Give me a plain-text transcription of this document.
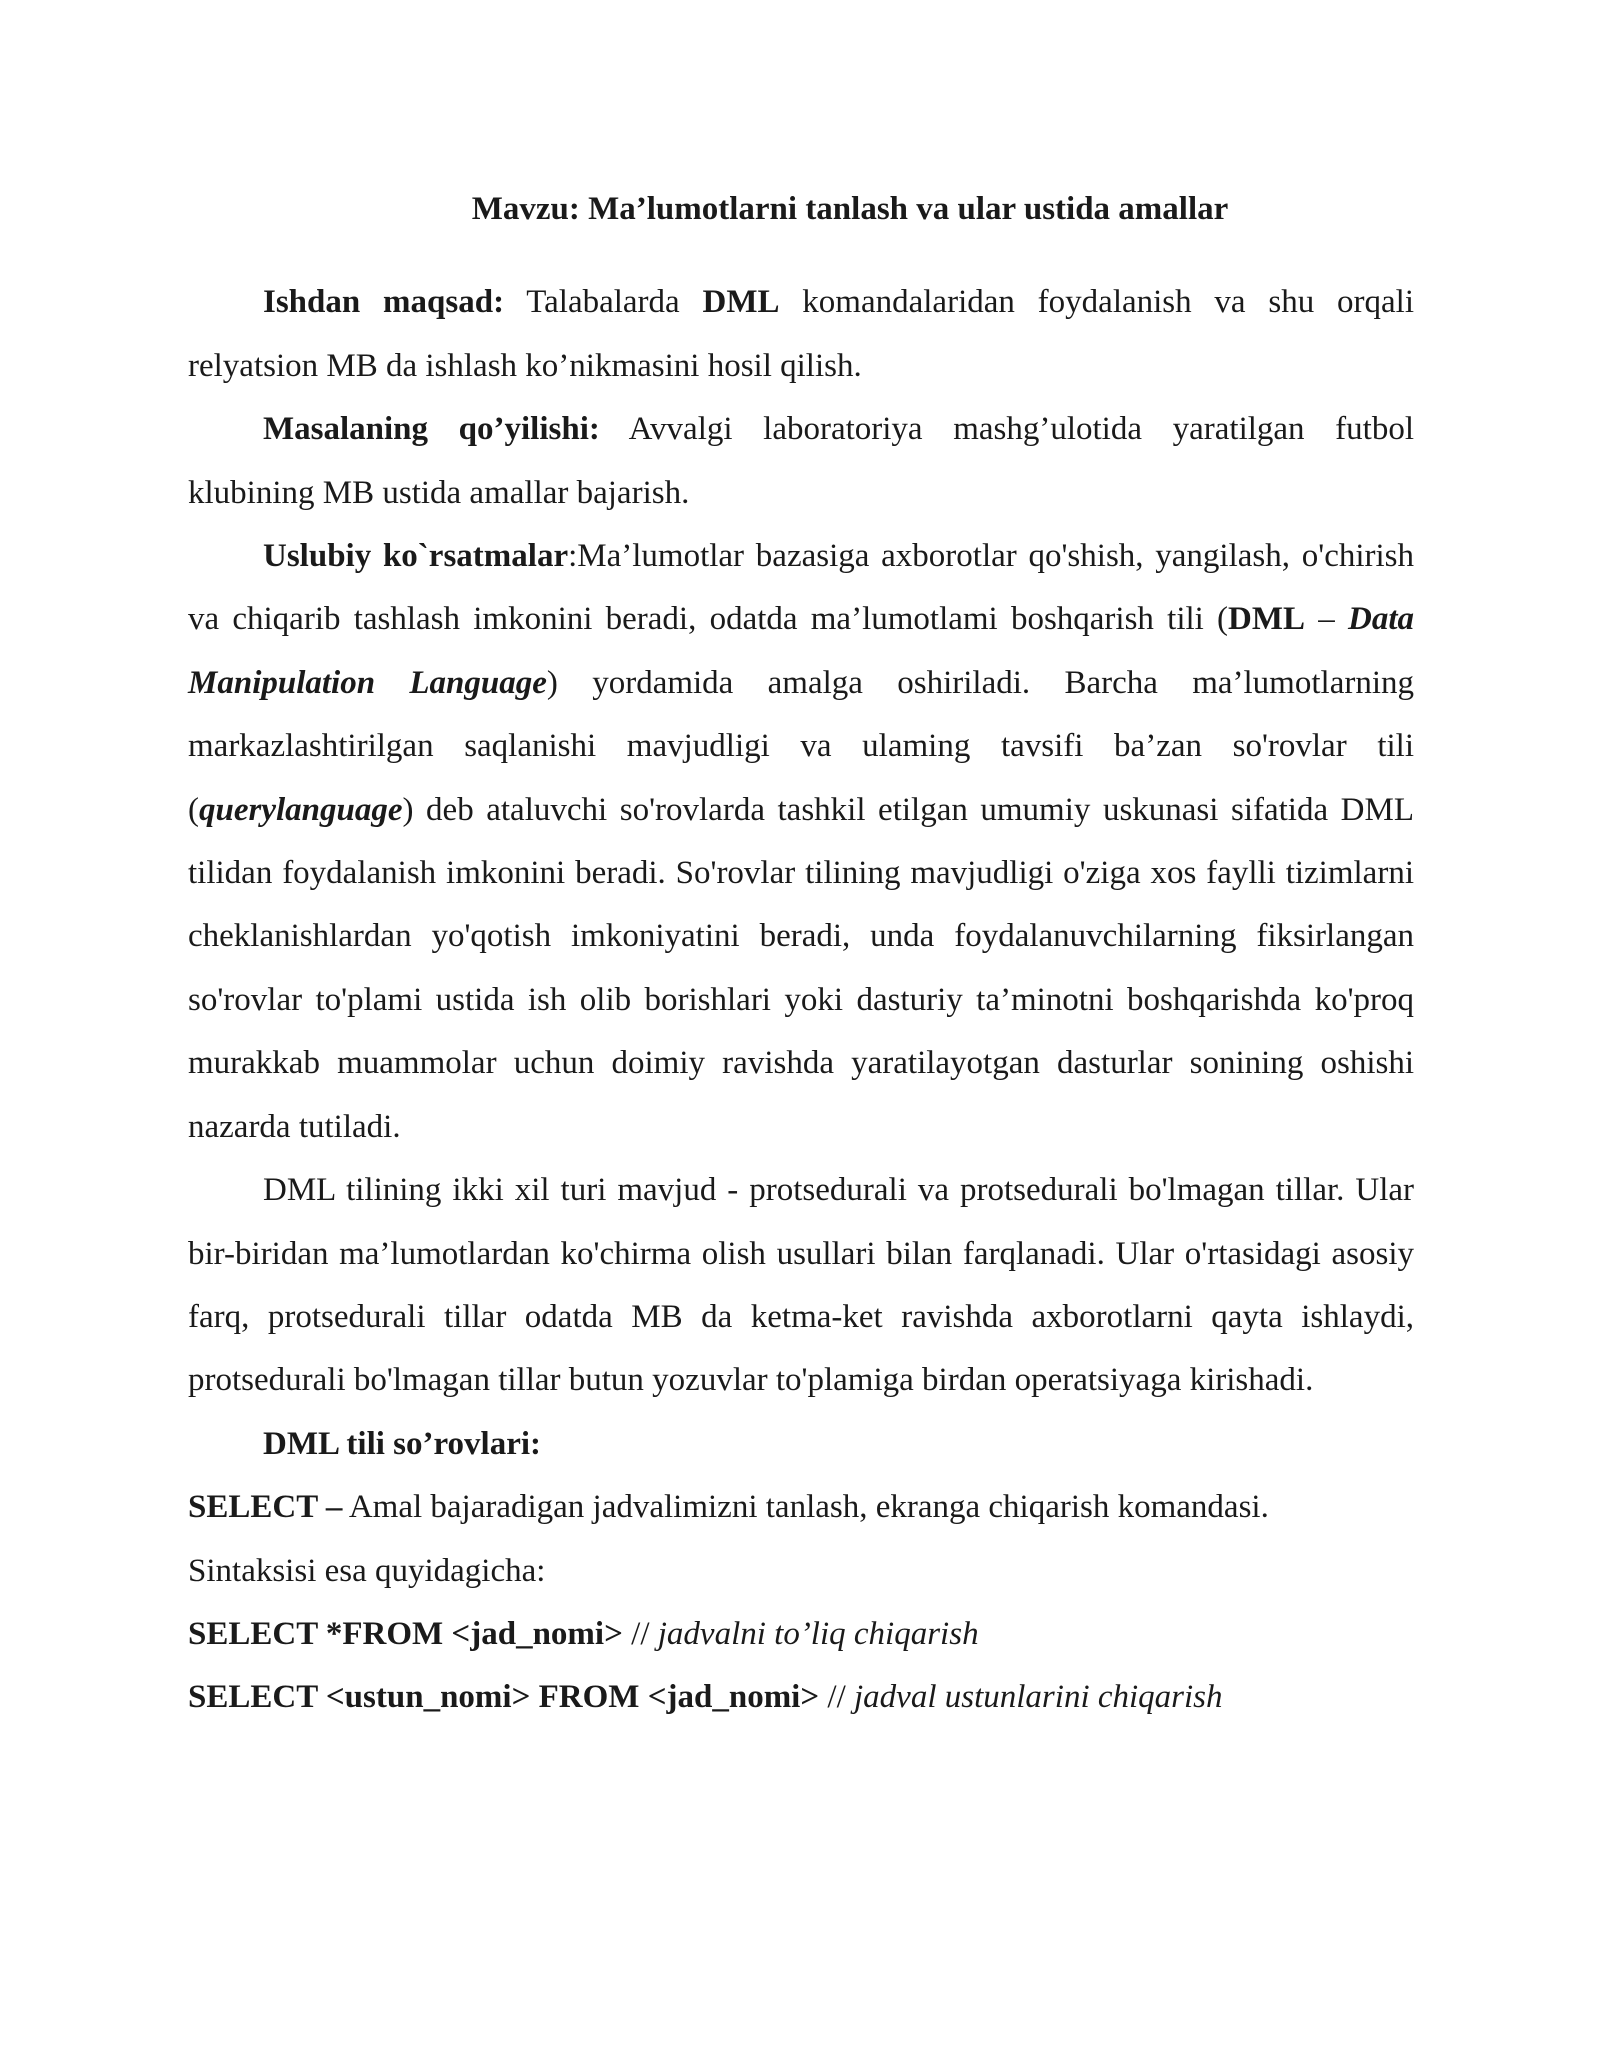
Mavzu: Ma’lumotlarni tanlash va ular ustida amallar

Ishdan maqsad: Talabalarda DML komandalaridan foydalanish va shu orqali relyatsion MB da ishlash ko’nikmasini hosil qilish.

Masalaning qo’yilishi: Avvalgi laboratoriya mashg’ulotida yaratilgan futbol klubining MB ustida amallar bajarish.

Uslubiy ko`rsatmalar:Ma’lumotlar bazasiga axborotlar qo'shish, yangilash, o'chirish va chiqarib tashlash imkonini beradi, odatda ma’lumotlami boshqarish tili (DML – Data Manipulation Language) yordamida amalga oshiriladi. Barcha ma’lumotlarning markazlashtirilgan saqlanishi mavjudligi va ulaming tavsifi ba’zan so'rovlar tili (querylanguage) deb ataluvchi so'rovlarda tashkil etilgan umumiy uskunasi sifatida DML tilidan foydalanish imkonini beradi. So'rovlar tilining mavjudligi o'ziga xos faylli tizimlarni cheklanishlardan yo'qotish imkoniyatini beradi, unda foydalanuvchilarning fiksirlangan so'rovlar to'plami ustida ish olib borishlari yoki dasturiy ta’minotni boshqarishda ko'proq murakkab muammolar uchun doimiy ravishda yaratilayotgan dasturlar sonining oshishi nazarda tutiladi.

DML tilining ikki xil turi mavjud - protsedurali va protsedurali bo'lmagan tillar. Ular bir-biridan ma’lumotlardan ko'chirma olish usullari bilan farqlanadi. Ular o'rtasidagi asosiy farq, protsedurali tillar odatda MB da ketma-ket ravishda axborotlarni qayta ishlaydi, protsedurali bo'lmagan tillar butun yozuvlar to'plamiga birdan operatsiyaga kirishadi.

DML tili so’rovlari:

SELECT – Amal bajaradigan jadvalimizni tanlash, ekranga chiqarish komandasi.

Sintaksisi esa quyidagicha:

SELECT *FROM <jad_nomi> // jadvalni to’liq chiqarish

SELECT <ustun_nomi> FROM <jad_nomi> // jadval ustunlarini chiqarish
